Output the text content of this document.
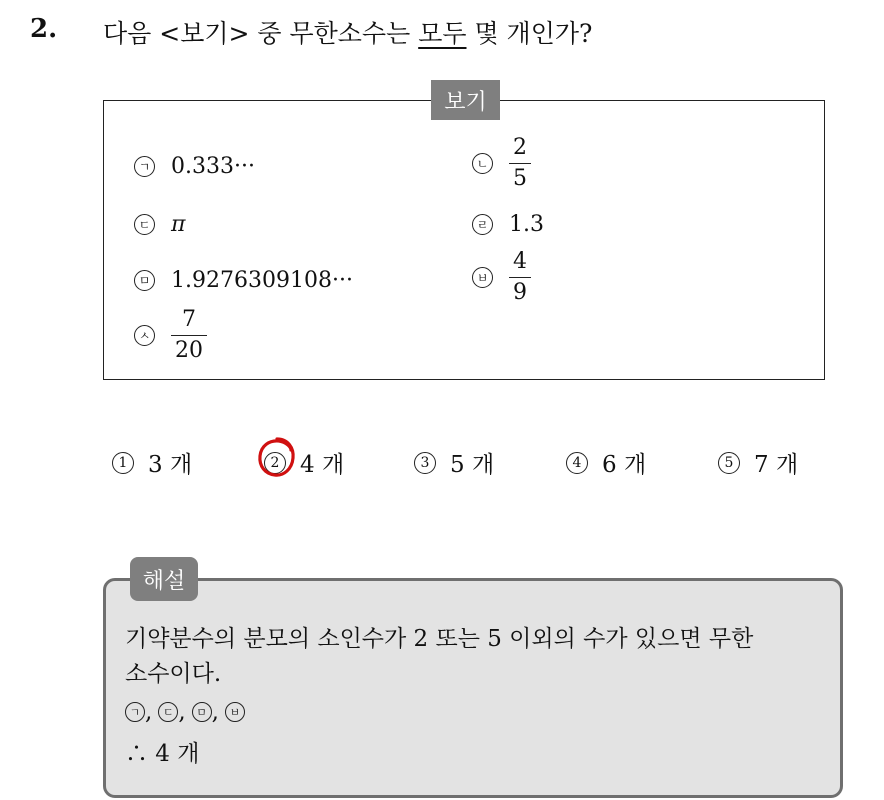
2. 다음 <보기> 중 무한소수는 모두 몇 개인가?
보기
ㄱ 0.333···	ㄴ $\frac{2}{5}$
ㄷ π	ㄹ 1.3
ㅁ 1.9276309108···	ㅂ $\frac{4}{9}$
ㅅ $\frac{7}{20}$
1 3 개	2 4 개	3 5 개	4 6 개	5 7 개
해설
기약분수의 분모의 소인수가 2 또는 5 이외의 수가 있으면 무한
소수이다.
ㄱ , ㄷ , ㅁ , ㅂ
∴ 4 개
